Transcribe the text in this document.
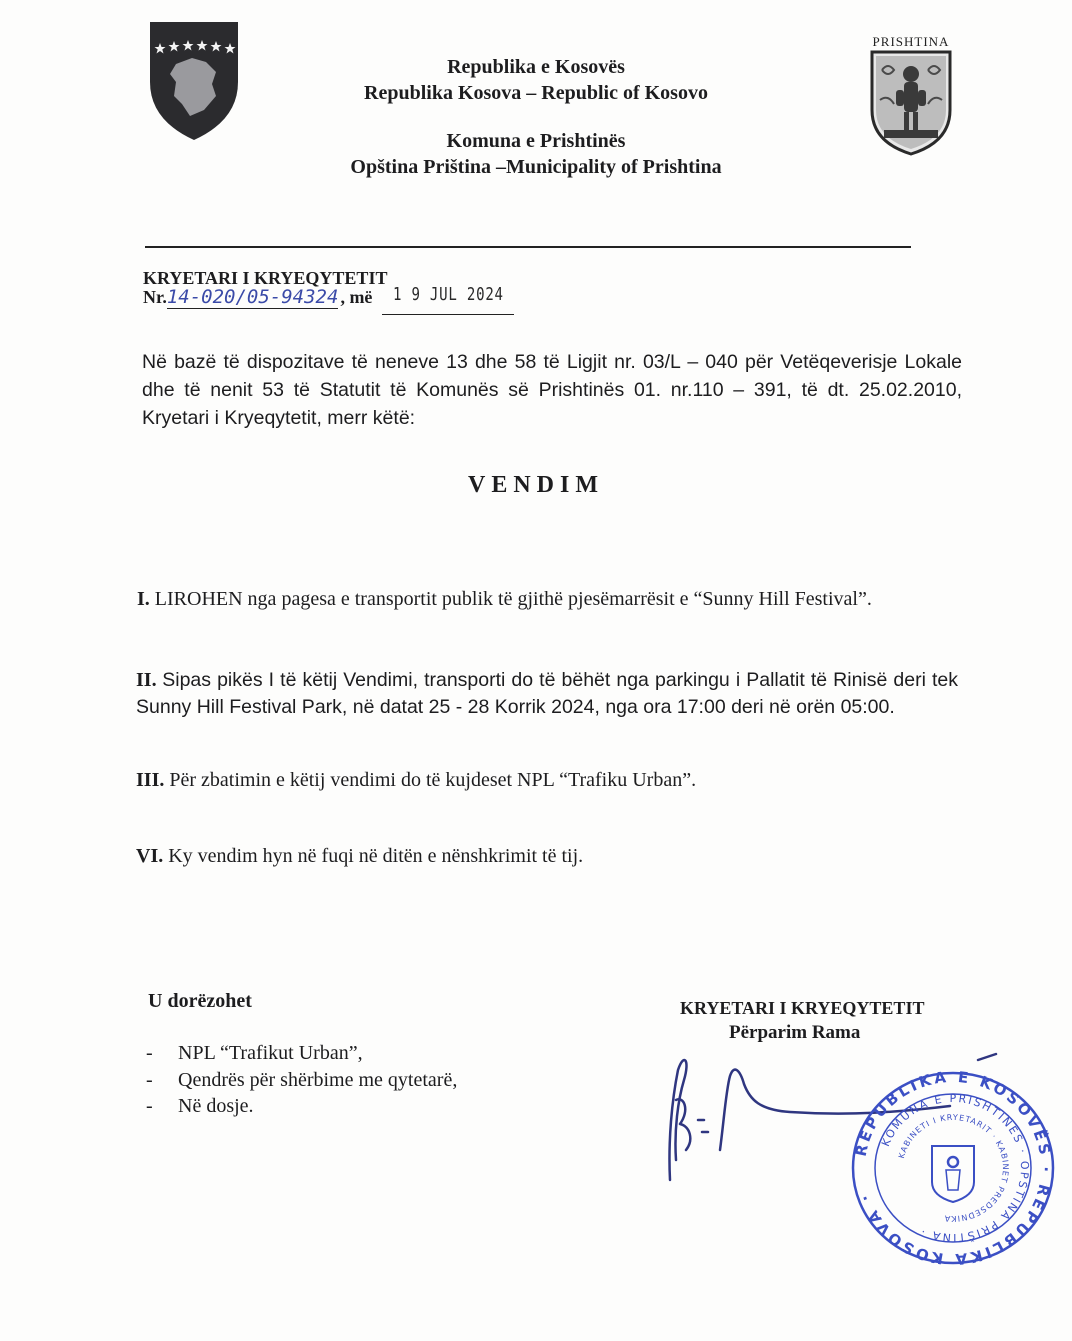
PRISHTINA
Republika e Kosovës
Republika Kosova – Republic of Kosovo
Komuna e Prishtinës
Opština Priština –Municipality of Prishtina
KRYETARI I KRYEQYTETIT
Nr.14-020/05-94324 , më 1 9 JUL 2024
Në bazë të dispozitave të neneve 13 dhe 58 të Ligjit nr. 03/L – 040 për Vetëqeverisje Lokale dhe të nenit 53 të Statutit të Komunës së Prishtinës 01. nr.110 – 391, të dt. 25.02.2010, Kryetari i Kryeqytetit, merr këtë:
VENDIM
I. LIROHEN nga pagesa e transportit publik të gjithë pjesëmarrësit e “Sunny Hill Festival”.
II. Sipas pikës I të këtij Vendimi, transporti do të bëhët nga parkingu i Pallatit të Rinisë deri tek Sunny Hill Festival Park, në datat 25 - 28 Korrik 2024, nga ora 17:00 deri në orën 05:00.
III. Për zbatimin e këtij vendimi do të kujdeset NPL “Trafiku Urban”.
VI. Ky vendim hyn në fuqi në ditën e nënshkrimit të tij.
U dorëzohet
- NPL “Trafikut Urban”,
- Qendrës për shërbime me qytetarë,
- Në dosje.
KRYETARI I KRYEQYTETIT
Përparim Rama
REPUBLIKA E KOSOVËS · REPUBLIKA KOSOVA ·
KOMUNA E PRISHTINËS · OPŠTINA PRIŠTINA ·
KABINETI I KRYETARIT · KABINET PREDSEDNIKA
